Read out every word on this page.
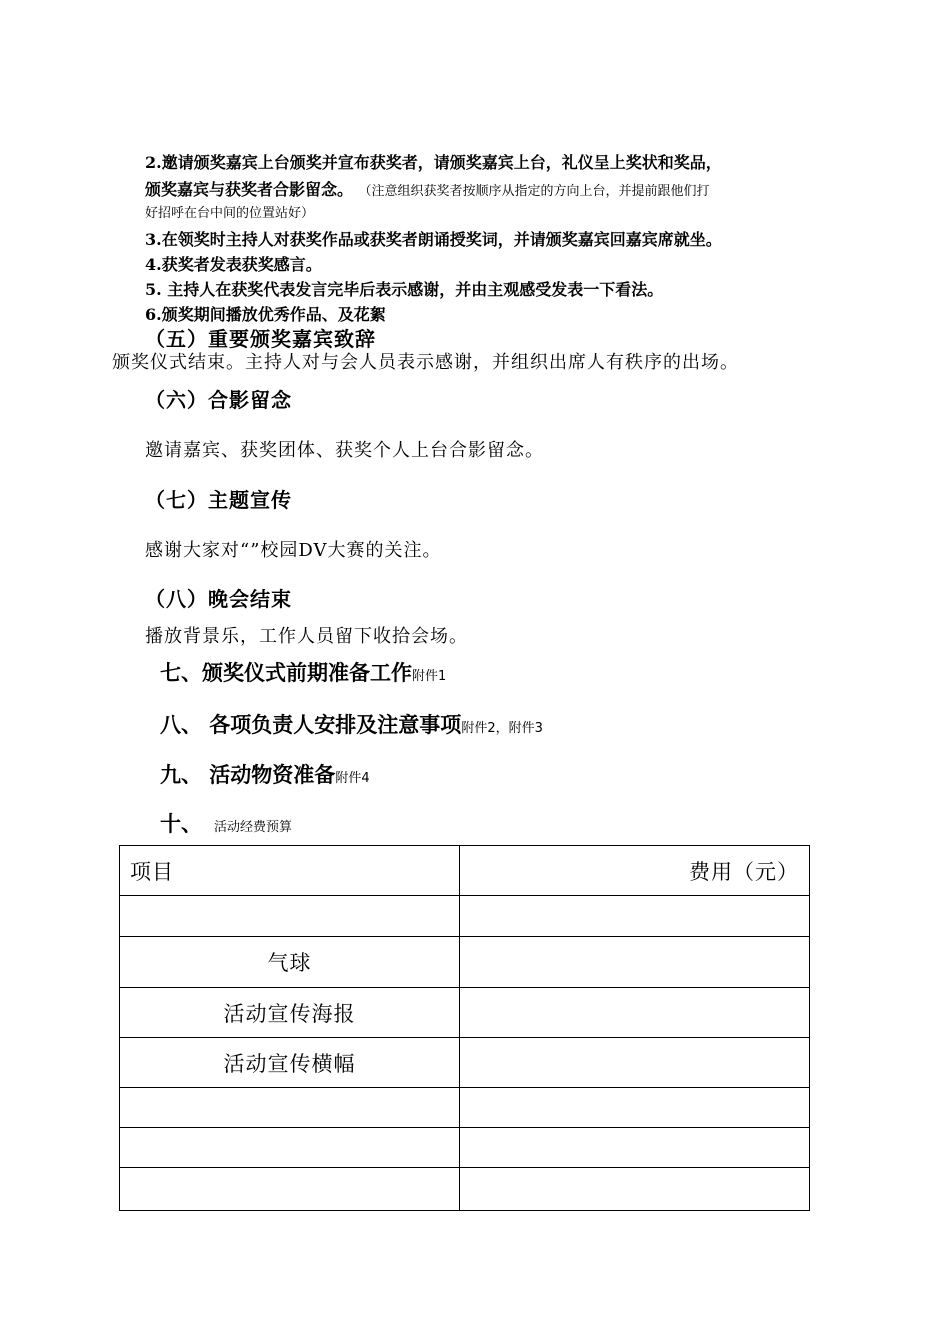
2.邀请颁奖嘉宾上台颁奖并宣布获奖者，请颁奖嘉宾上台，礼仪呈上奖状和奖品，
颁奖嘉宾与获奖者合影留念。 （注意组织获奖者按顺序从指定的方向上台，并提前跟他们打
好招呼在台中间的位置站好）
3.在领奖时主持人对获奖作品或获奖者朗诵授奖词，并请颁奖嘉宾回嘉宾席就坐。
4.获奖者发表获奖感言。
5. 主持人在获奖代表发言完毕后表示感谢，并由主观感受发表一下看法。
6.颁奖期间播放优秀作品、及花絮
（五）重要颁奖嘉宾致辞
颁奖仪式结束。主持人对与会人员表示感谢，并组织出席人有秩序的出场。
（六）合影留念
邀请嘉宾、获奖团体、获奖个人上台合影留念。
（七）主题宣传
感谢大家对“”校园DV大赛的关注。
（八）晚会结束
播放背景乐，工作人员留下收拾会场。
七、颁奖仪式前期准备工作附件1
八、 各项负责人安排及注意事项附件2，附件3
九、 活动物资准备附件4
十、 活动经费预算
项目	费用（元）

气球	
活动宣传海报	
活动宣传横幅	
